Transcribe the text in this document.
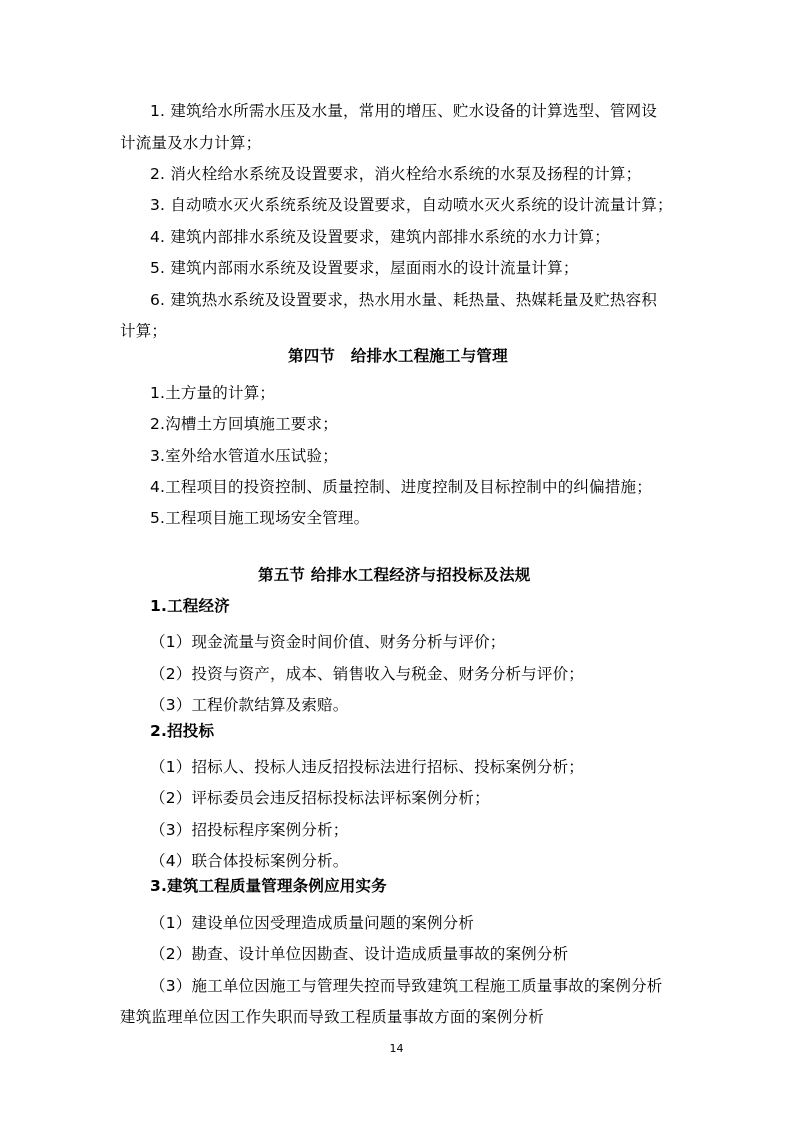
1. 建筑给水所需水压及水量，常用的增压、贮水设备的计算选型、管网设
计流量及水力计算；
2. 消火栓给水系统及设置要求，消火栓给水系统的水泵及扬程的计算；
3. 自动喷水灭火系统系统及设置要求，自动喷水灭火系统的设计流量计算；
4. 建筑内部排水系统及设置要求，建筑内部排水系统的水力计算；
5. 建筑内部雨水系统及设置要求，屋面雨水的设计流量计算；
6. 建筑热水系统及设置要求，热水用水量、耗热量、热媒耗量及贮热容积
计算；
第四节　给排水工程施工与管理
1.土方量的计算；
2.沟槽土方回填施工要求；
3.室外给水管道水压试验；
4.工程项目的投资控制、质量控制、进度控制及目标控制中的纠偏措施；
5.工程项目施工现场安全管理。
第五节 给排水工程经济与招投标及法规
1.工程经济
（1）现金流量与资金时间价值、财务分析与评价；
（2）投资与资产，成本、销售收入与税金、财务分析与评价；
（3）工程价款结算及索赔。
2.招投标
（1）招标人、投标人违反招投标法进行招标、投标案例分析；
（2）评标委员会违反招标投标法评标案例分析；
（3）招投标程序案例分析；
（4）联合体投标案例分析。
3.建筑工程质量管理条例应用实务
（1）建设单位因受理造成质量问题的案例分析
（2）勘查、设计单位因勘查、设计造成质量事故的案例分析
（3）施工单位因施工与管理失控而导致建筑工程施工质量事故的案例分析
建筑监理单位因工作失职而导致工程质量事故方面的案例分析
14
